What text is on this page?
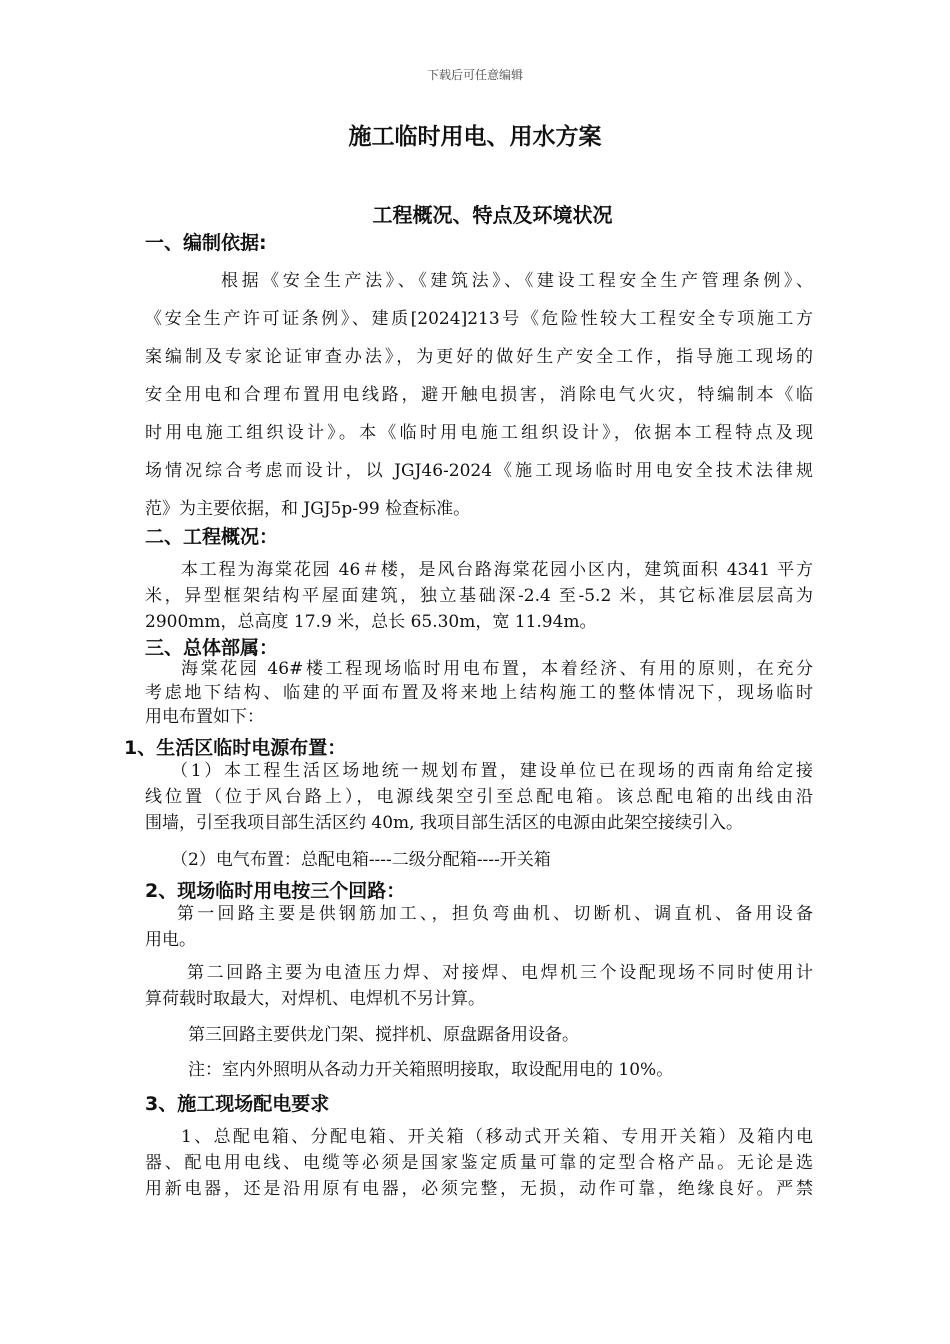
下载后可任意编辑
施工临时用电、用水方案
工程概况、特点及环境状况
一、编制依据:
根据《安全生产法》、《建筑法》、《建设工程安全生产管理条例》、
《安全生产许可证条例》、建质[2024]213号《危险性较大工程安全专项施工方
案编制及专家论证审查办法》，为更好的做好生产安全工作，指导施工现场的
安全用电和合理布置用电线路，避开触电损害，消除电气火灾，特编制本《临
时用电施工组织设计》。本《临时用电施工组织设计》，依据本工程特点及现
场情况综合考虑而设计，以 JGJ46-2024《施工现场临时用电安全技术法律规
范》为主要依据，和 JGJ5p-99 检查标准。
二、工程概况：
本工程为海棠花园 46＃楼，是风台路海棠花园小区内，建筑面积 4341 平方
米，异型框架结构平屋面建筑，独立基础深-2.4 至-5.2 米，其它标准层层高为
2900mm，总高度 17.9 米，总长 65.30m，宽 11.94m。
三、总体部属：
海棠花园 46#楼工程现场临时用电布置，本着经济、有用的原则，在充分
考虑地下结构、临建的平面布置及将来地上结构施工的整体情况下，现场临时
用电布置如下：
1、生活区临时电源布置：
（1）本工程生活区场地统一规划布置，建设单位已在现场的西南角给定接
线位置（位于风台路上），电源线架空引至总配电箱。该总配电箱的出线由沿
围墙，引至我项目部生活区约 40m, 我项目部生活区的电源由此架空接续引入。
（2）电气布置：总配电箱----二级分配箱----开关箱
2、现场临时用电按三个回路：
第一回路主要是供钢筋加工、，担负弯曲机、切断机、调直机、备用设备
用电。
第二回路主要为电渣压力焊、对接焊、电焊机三个设配现场不同时使用计
算荷载时取最大，对焊机、电焊机不另计算。
第三回路主要供龙门架、搅拌机、原盘踞备用设备。
注：室内外照明从各动力开关箱照明接取，取设配用电的 10%。
3、施工现场配电要求
1、总配电箱、分配电箱、开关箱（移动式开关箱、专用开关箱）及箱内电
器、配电用电线、电缆等必须是国家鉴定质量可靠的定型合格产品。无论是选
用新电器，还是沿用原有电器，必须完整，无损，动作可靠，绝缘良好。严禁
